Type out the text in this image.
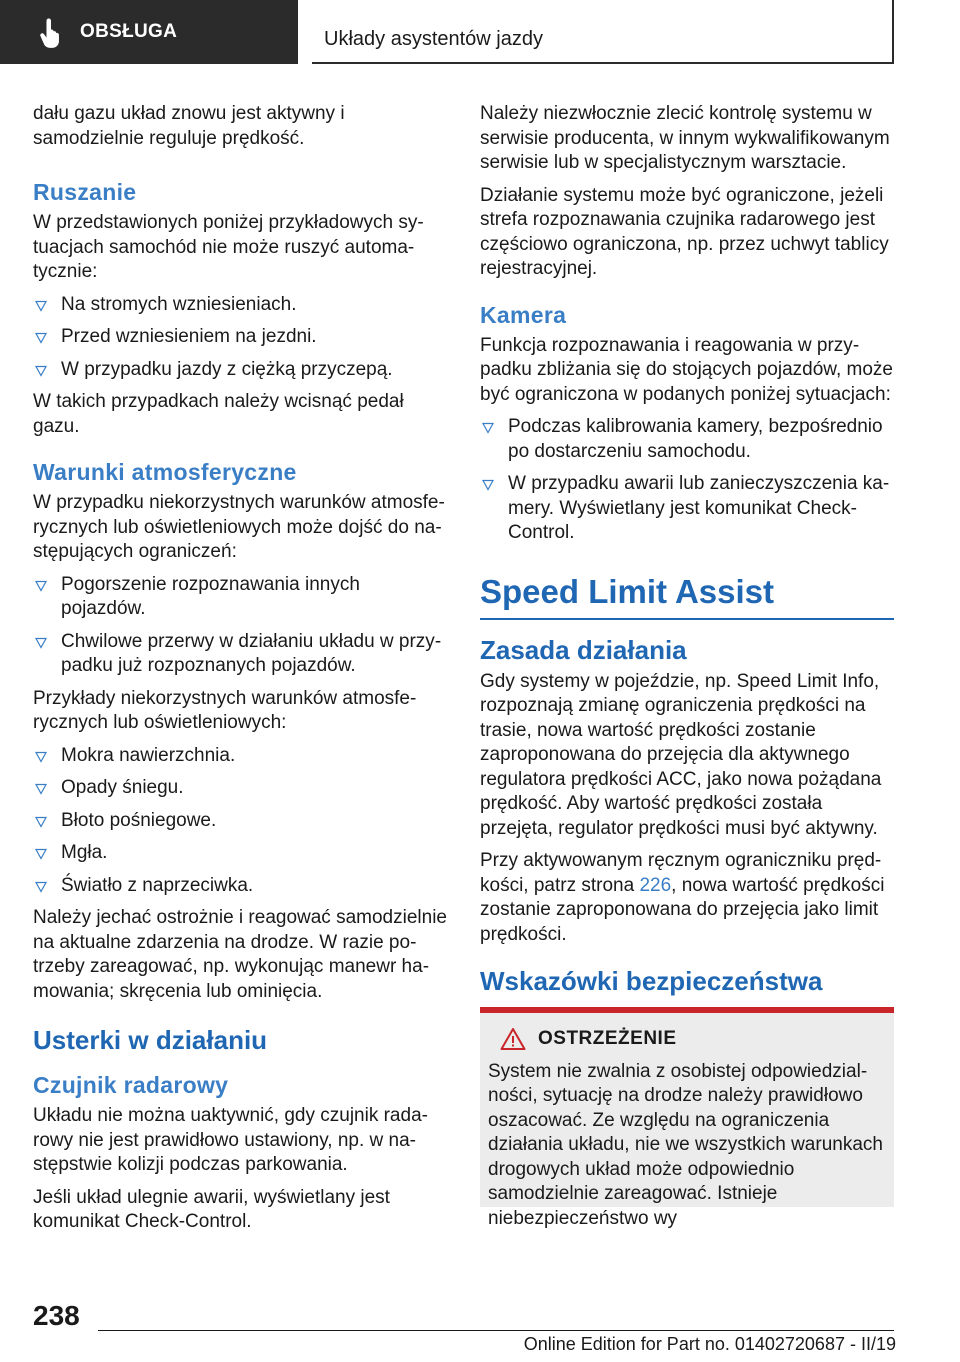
OBSŁUGA	Układy asystentów jazdy

dału gazu układ znowu jest aktywny i samodzielnie reguluje prędkość.

Ruszanie

W przedstawionych poniżej przykładowych sytuacjach samochód nie może ruszyć automatycznie:

Na stromych wzniesieniach.
Przed wzniesieniem na jezdni.
W przypadku jazdy z ciężką przyczepą.

W takich przypadkach należy wcisnąć pedał gazu.

Warunki atmosferyczne

W przypadku niekorzystnych warunków atmosferycznych lub oświetleniowych może dojść do następujących ograniczeń:

Pogorszenie rozpoznawania innych pojazdów.
Chwilowe przerwy w działaniu układu w przypadku już rozpoznanych pojazdów.

Przykłady niekorzystnych warunków atmosferycznych lub oświetleniowych:

Mokra nawierzchnia.
Opady śniegu.
Błoto pośniegowe.
Mgła.
Światło z naprzeciwka.

Należy jechać ostrożnie i reagować samodzielnie na aktualne zdarzenia na drodze. W razie potrzeby zareagować, np. wykonując manewr hamowania; skręcenia lub ominięcia.

Usterki w działaniu
Czujnik radarowy

Układu nie można uaktywnić, gdy czujnik radarowy nie jest prawidłowo ustawiony, np. w następstwie kolizji podczas parkowania.

Jeśli układ ulegnie awarii, wyświetlany jest komunikat Check-Control.

Należy niezwłocznie zlecić kontrolę systemu w serwisie producenta, w innym wykwalifikowanym serwisie lub w specjalistycznym warsztacie.

Działanie systemu może być ograniczone, jeżeli strefa rozpoznawania czujnika radarowego jest częściowo ograniczona, np. przez uchwyt tablicy rejestracyjnej.

Kamera

Funkcja rozpoznawania i reagowania w przypadku zbliżania się do stojących pojazdów, może być ograniczona w podanych poniżej sytuacjach:

Podczas kalibrowania kamery, bezpośrednio po dostarczeniu samochodu.
W przypadku awarii lub zanieczyszczenia kamery. Wyświetlany jest komunikat Check-Control.
Speed Limit Assist
Zasada działania

Gdy systemy w pojeździe, np. Speed Limit Info, rozpoznają zmianę ograniczenia prędkości na trasie, nowa wartość prędkości zostanie zaproponowana do przejęcia dla aktywnego regulatora prędkości ACC, jako nowa pożądana prędkość. Aby wartość prędkości została przejęta, regulator prędkości musi być aktywny.

Przy aktywowanym ręcznym ograniczniku prędkości, patrz strona 226, nowa wartość prędkości zostanie zaproponowana do przejęcia jako limit prędkości.

Wskazówki bezpieczeństwa
OSTRZEŻENIE

System nie zwalnia z osobistej odpowiedzialności, sytuację na drodze należy prawidłowo oszacować. Ze względu na ograniczenia działania układu, nie we wszystkich warunkach drogowych układ może odpowiednio samodzielnie zareagować. Istnieje niebezpieczeństwo wy

238
Online Edition for Part no. 01402720687 - II/19
